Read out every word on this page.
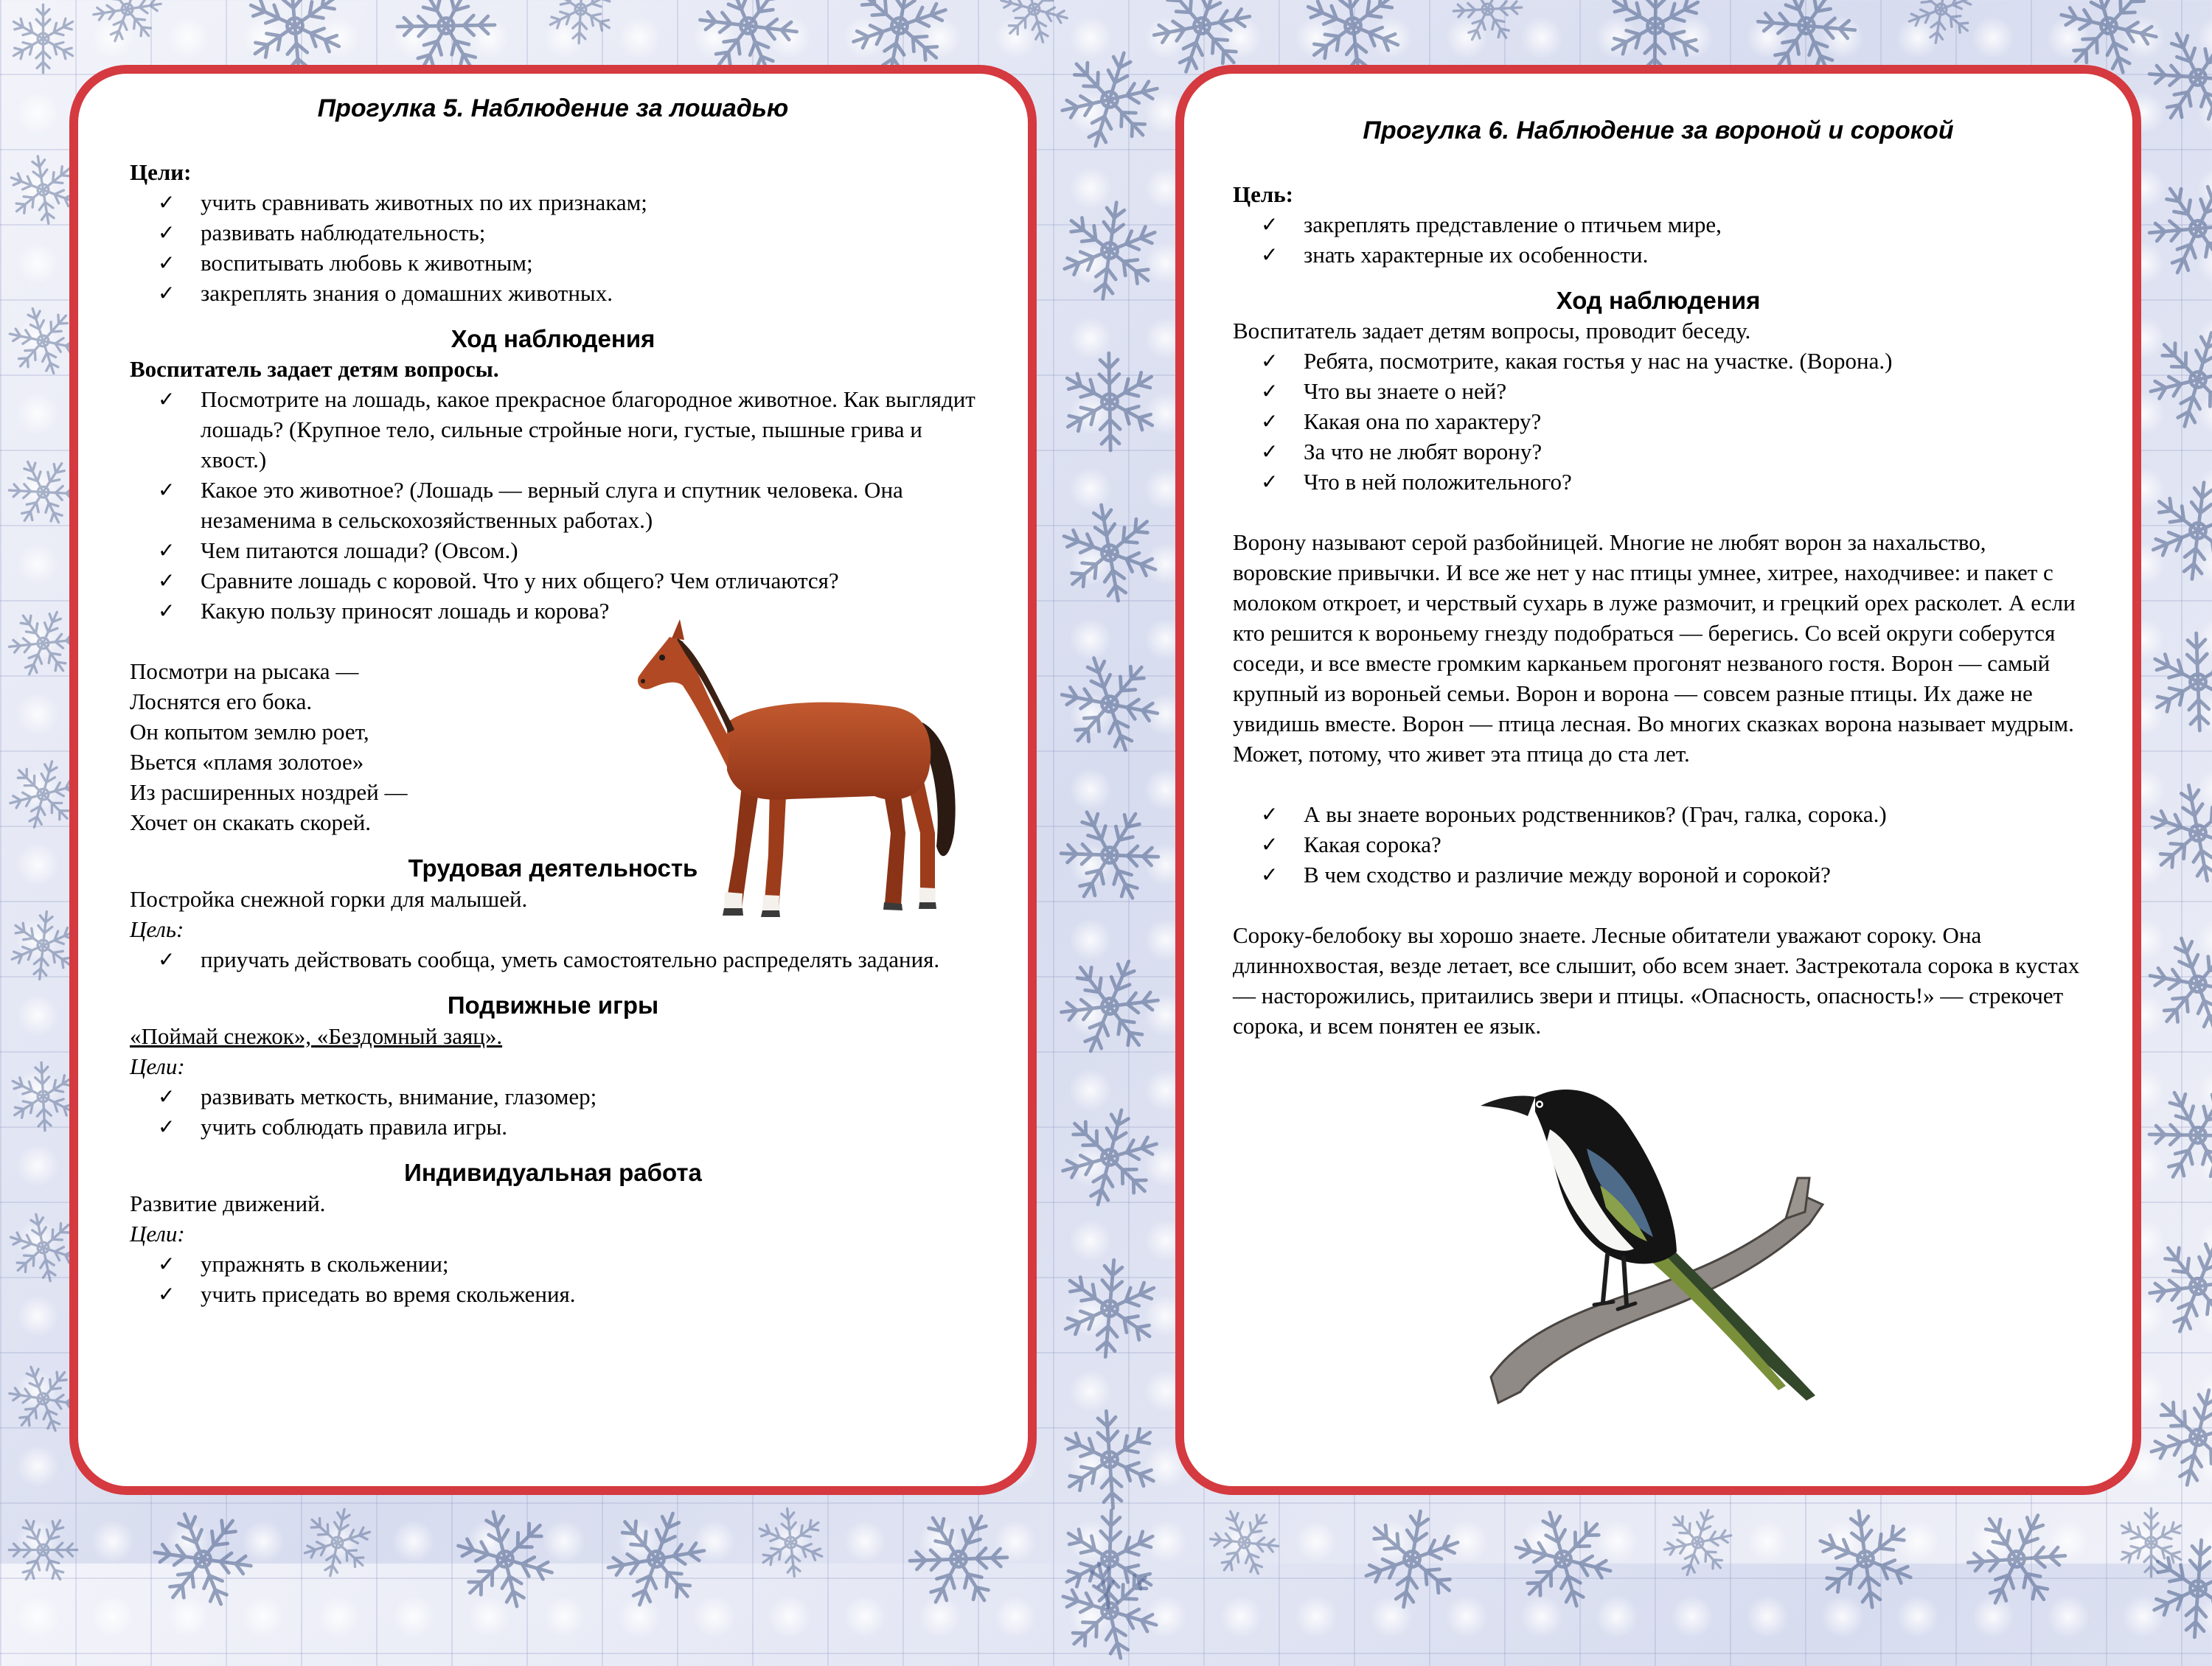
Прогулка 5. Наблюдение за лошадью
Цели:
✓ учить сравнивать животных по их признакам;
✓ развивать наблюдательность;
✓ воспитывать любовь к животным;
✓ закреплять знания о домашних животных.
Ход наблюдения
Воспитатель задает детям вопросы.
✓ Посмотрите на лошадь, какое прекрасное благородное животное. Как выглядит лошадь? (Крупное тело, сильные стройные ноги, густые, пышные грива и хвост.)
✓ Какое это животное? (Лошадь — верный слуга и спутник человека. Она незаменима в сельскохозяйственных работах.)
✓ Чем питаются лошади? (Овсом.)
✓ Сравните лошадь с коровой. Что у них общего? Чем отличаются?
✓ Какую пользу приносят лошадь и корова?
Посмотри на рысака —
Лоснятся его бока.
Он копытом землю роет,
Вьется «пламя золотое»
Из расширенных ноздрей —
Хочет он скакать скорей.
Трудовая деятельность
Постройка снежной горки для малышей.
Цель:
✓ приучать действовать сообща, уметь самостоятельно распределять задания.
Подвижные игры
«Поймай снежок», «Бездомный заяц».
Цели:
✓ развивать меткость, внимание, глазомер;
✓ учить соблюдать правила игры.
Индивидуальная работа
Развитие движений.
Цели:
✓ упражнять в скольжении;
✓ учить приседать во время скольжения.
Прогулка 6. Наблюдение за вороной и сорокой
Цель:
✓ закреплять представление о птичьем мире,
✓ знать характерные их особенности.
Ход наблюдения
Воспитатель задает детям вопросы, проводит беседу.
✓ Ребята, посмотрите, какая гостья у нас на участке. (Ворона.)
✓ Что вы знаете о ней?
✓ Какая она по характеру?
✓ За что не любят ворону?
✓ Что в ней положительного?
Ворону называют серой разбойницей. Многие не любят ворон за нахальство, воровские привычки. И все же нет у нас птицы умнее, хитрее, находчивее: и пакет с молоком откроет, и черствый сухарь в луже размочит, и грецкий орех расколет. А если кто решится к вороньему гнезду подобраться — берегись. Со всей округи соберутся соседи, и все вместе громким карканьем прогонят незваного гостя. Ворон — самый крупный из вороньей семьи. Ворон и ворона — совсем разные птицы. Их даже не увидишь вместе. Ворон — птица лесная. Во многих сказках ворона называет мудрым. Может, потому, что живет эта птица до ста лет.
✓ А вы знаете вороньих родственников? (Грач, галка, сорока.)
✓ Какая сорока?
✓ В чем сходство и различие между вороной и сорокой?
Сороку-белобоку вы хорошо знаете. Лесные обитатели уважают сороку. Она длиннохвостая, везде летает, все слышит, обо всем знает. Застрекотала сорока в кустах — насторожились, притаились звери и птицы. «Опасность, опасность!» — стрекочет сорока, и всем понятен ее язык.
